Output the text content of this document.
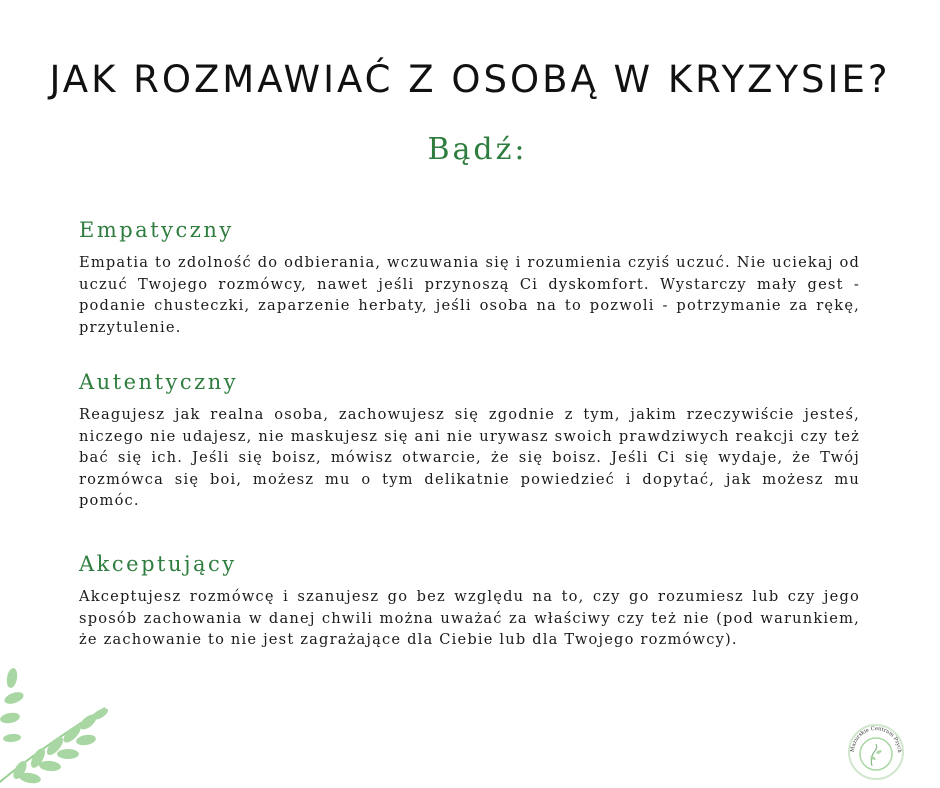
JAK ROZMAWIAĆ Z OSOBĄ W KRYZYSIE?
Bądź:
Empatyczny

Empatia to zdolność do odbierania, wczuwania się i rozumienia czyiś uczuć. Nie uciekaj od uczuć Twojego rozmówcy, nawet jeśli przynoszą Ci dyskomfort. Wystarczy mały gest - podanie chusteczki, zaparzenie herbaty, jeśli osoba na to pozwoli - potrzymanie za rękę, przytulenie.

Autentyczny

Reagujesz jak realna osoba, zachowujesz się zgodnie z tym, jakim rzeczywiście jesteś, niczego nie udajesz, nie maskujesz się ani nie urywasz swoich prawdziwych reakcji czy też bać się ich. Jeśli się boisz, mówisz otwarcie, że się boisz. Jeśli Ci się wydaje, że Twój rozmówca się boi, możesz mu o tym delikatnie powiedzieć i dopytać, jak możesz mu pomóc.

Akceptujący

Akceptujesz rozmówcę i szanujesz go bez względu na to, czy go rozumiesz lub czy jego sposób zachowania w danej chwili można uważać za właściwy czy też nie (pod warunkiem, że zachowanie to nie jest zagrażające dla Ciebie lub dla Twojego rozmówcy).

Mazurskie Centrum Psych
